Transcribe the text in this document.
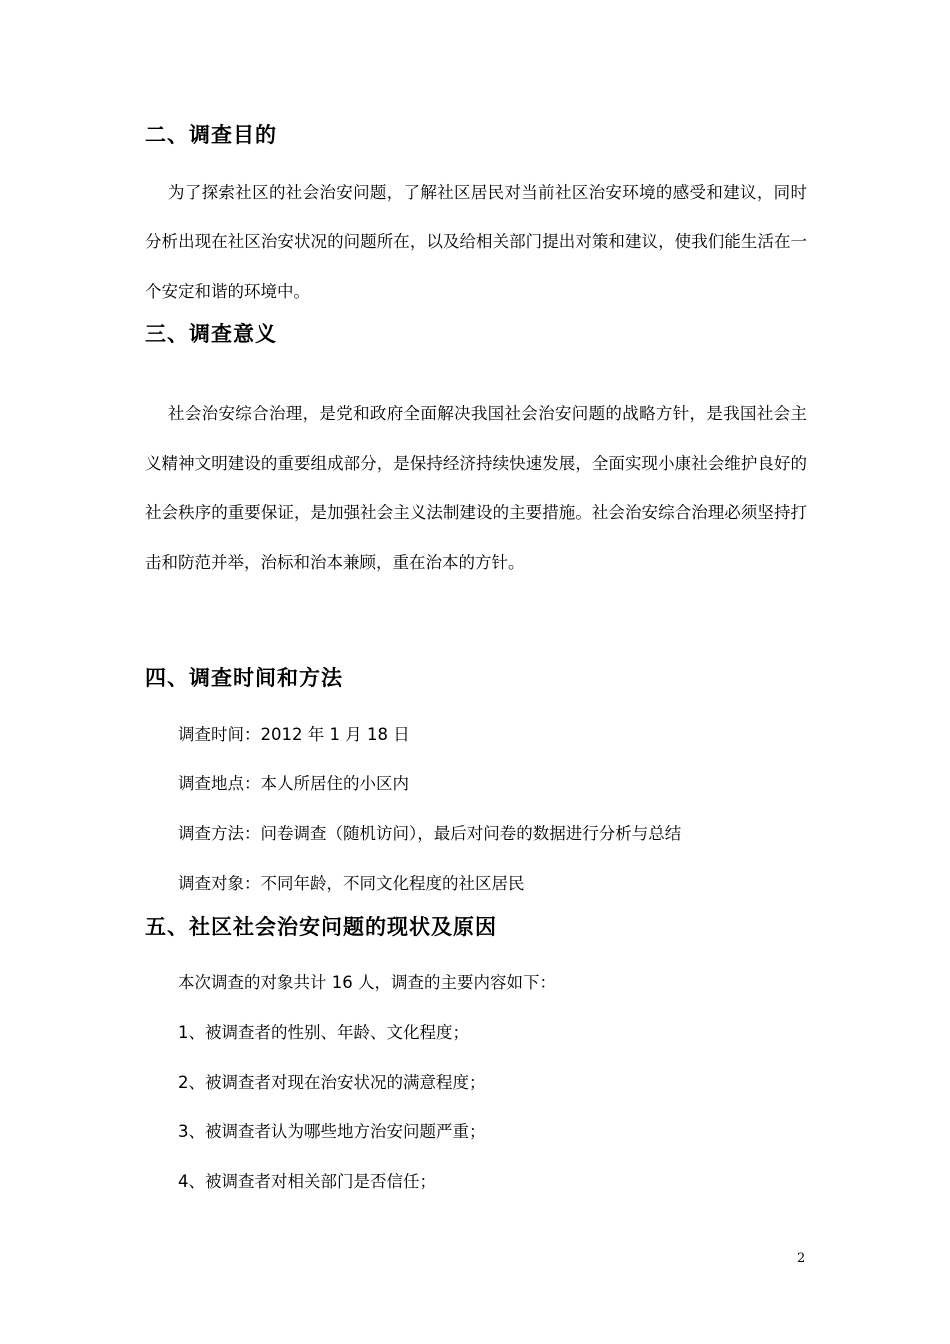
二、调查目的
为了探索社区的社会治安问题，了解社区居民对当前社区治安环境的感受和建议，同时
分析出现在社区治安状况的问题所在，以及给相关部门提出对策和建议，使我们能生活在一
个安定和谐的环境中。
三、调查意义
社会治安综合治理，是党和政府全面解决我国社会治安问题的战略方针，是我国社会主
义精神文明建设的重要组成部分，是保持经济持续快速发展，全面实现小康社会维护良好的
社会秩序的重要保证，是加强社会主义法制建设的主要措施。社会治安综合治理必须坚持打
击和防范并举，治标和治本兼顾，重在治本的方针。
四、调查时间和方法
调查时间：2012 年 1 月 18 日
调查地点：本人所居住的小区内
调查方法：问卷调查（随机访问），最后对问卷的数据进行分析与总结
调查对象：不同年龄，不同文化程度的社区居民
五、社区社会治安问题的现状及原因
本次调查的对象共计 16 人，调查的主要内容如下：
1、被调查者的性别、年龄、文化程度；
2、被调查者对现在治安状况的满意程度；
3、被调查者认为哪些地方治安问题严重；
4、被调查者对相关部门是否信任；
2
